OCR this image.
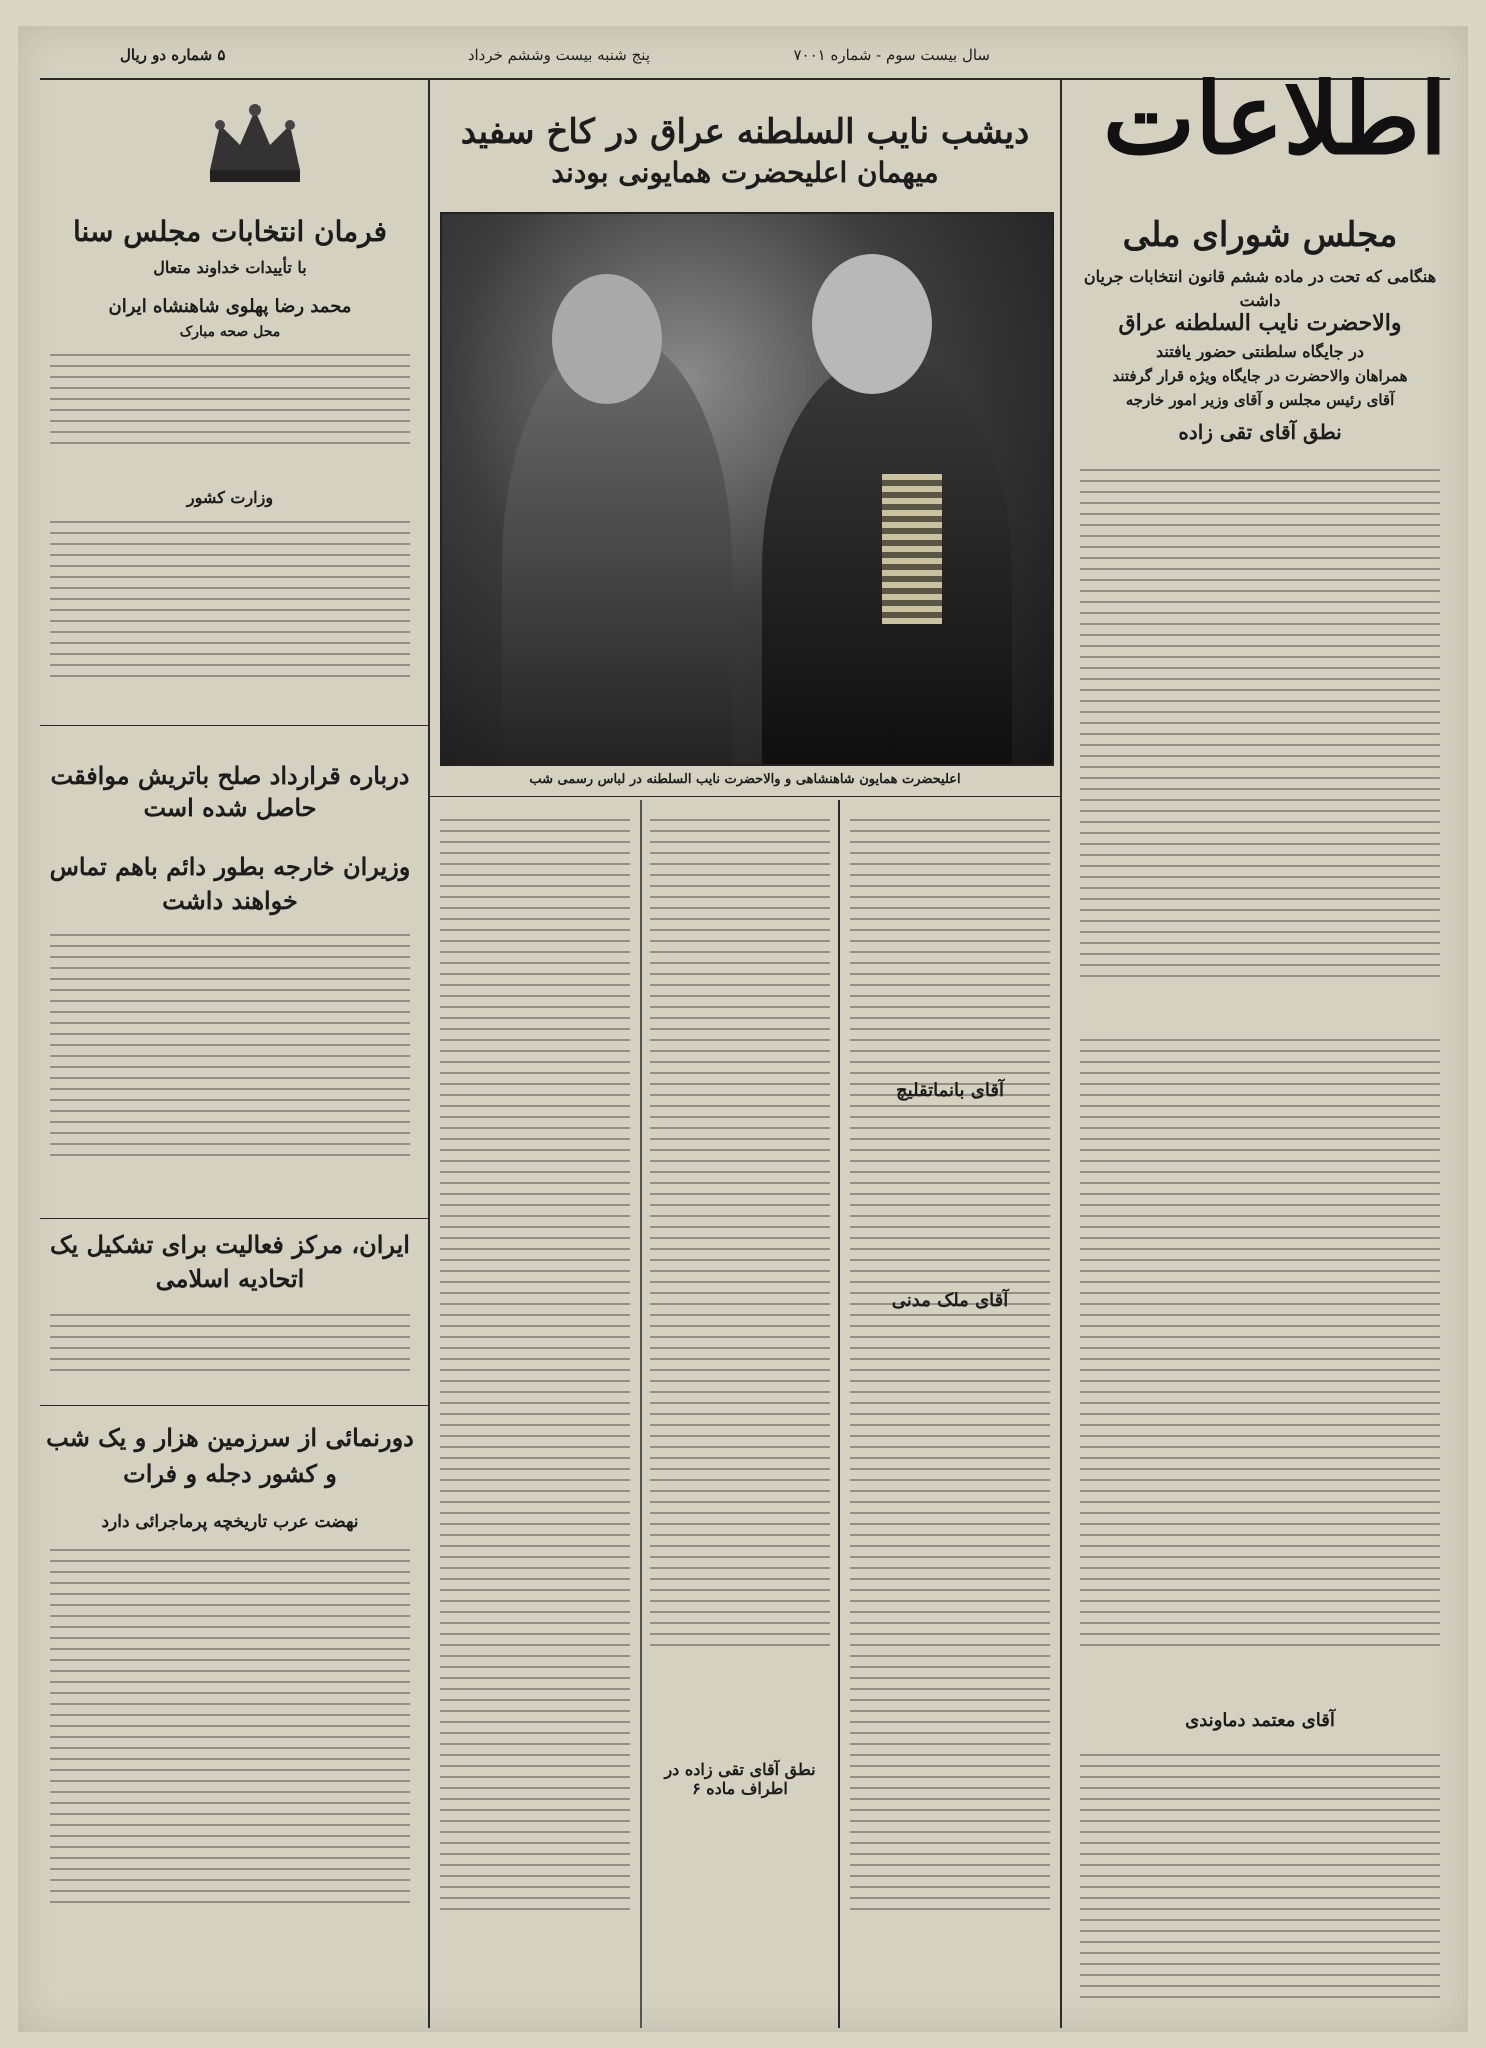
سال بیست سوم - شماره ۷۰۰۱
پنج شنبه بیست وششم خرداد
۵ شماره دو ریال
اطلاعات
دیشب نایب السلطنه عراق در کاخ سفید
میهمان اعلیحضرت همایونی بودند
اعلیحضرت همایون شاهنشاهی و والاحضرت نایب السلطنه در لباس رسمی شب
مجلس شورای ملی
هنگامی که تحت در ماده ششم قانون انتخابات جریان داشت
والاحضرت نایب السلطنه عراق
در جایگاه سلطنتی حضور یافتند
همراهان والاحضرت در جایگاه ویژه قرار گرفتند
آقای رئیس مجلس و آقای وزیر امور خارجه
نطق آقای تقی زاده
آقای بانماتقلیچ
آقای ملک مدنی
آقای معتمد دماوندی
نطق آقای تقی زاده در اطراف ماده ۶
فرمان انتخابات مجلس سنا
با تأییدات خداوند متعال
محمد رضا پهلوی شاهنشاه ایران
محل صحه مبارک
وزارت کشور
درباره قرارداد صلح باتریش موافقت حاصل شده است
وزیران خارجه بطور دائم باهم تماس خواهند داشت
ایران، مرکز فعالیت برای تشکیل یک اتحادیه اسلامی
دورنمائی از سرزمین هزار و یک شب و کشور دجله و فرات
نهضت عرب تاریخچه پرماجرائی دارد
